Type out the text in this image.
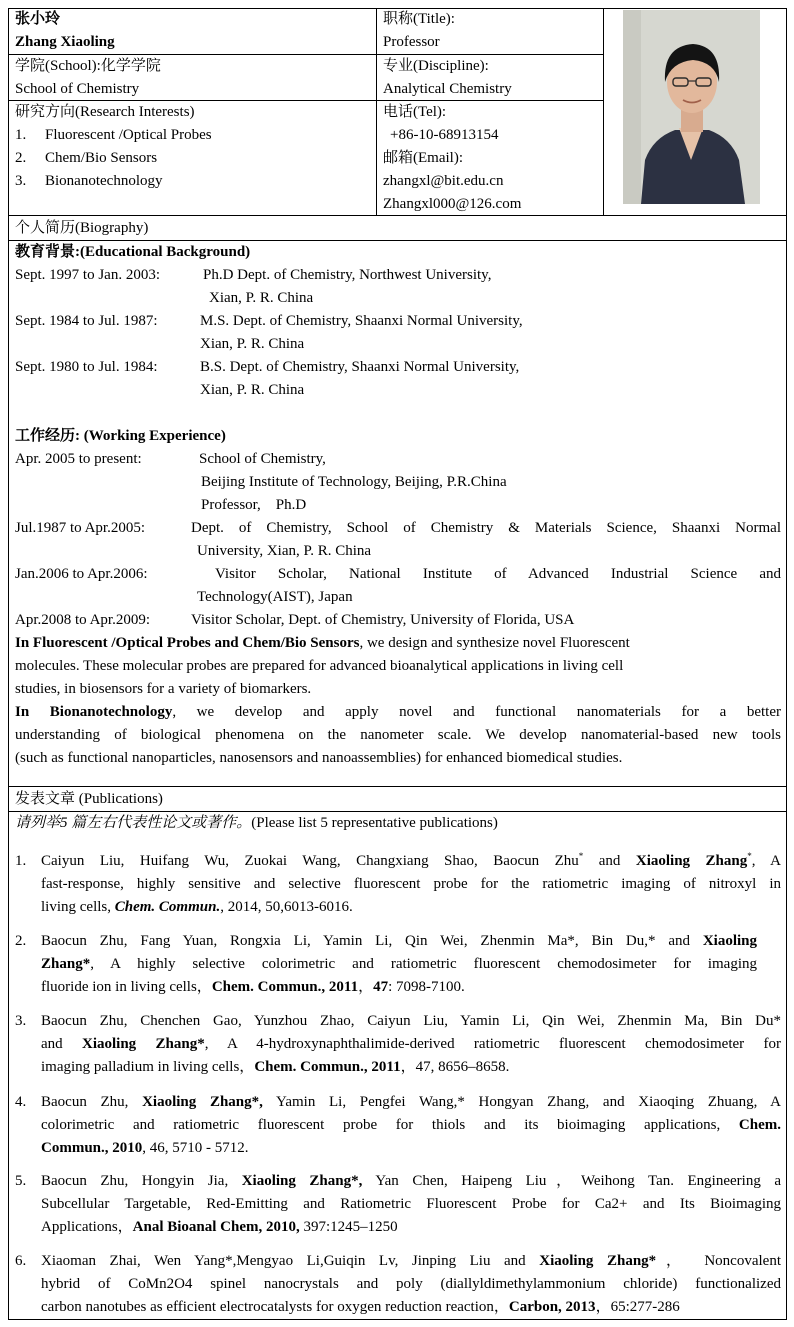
张小玲
Zhang Xiaoling
学院(School):化学学院
School of Chemistry
研究方向(Research Interests)
1. Fluorescent /Optical Probes
2. Chem/Bio Sensors
3. Bionanotechnology
职称(Title):
Professor
专业(Discipline):
Analytical Chemistry
电话(Tel):
+86-10-68913154
邮箱(Email):
zhangxl@bit.edu.cn
Zhangxl000@126.com
个人简历(Biography)
教育背景:(Educational Background)
Sept. 1997 to Jan. 2003:	Ph.D Dept. of Chemistry, Northwest University,
Xian, P. R. China
Sept. 1984 to Jul. 1987:	M.S. Dept. of Chemistry, Shaanxi Normal University,
Xian, P. R. China
Sept. 1980 to Jul. 1984:	B.S. Dept. of Chemistry, Shaanxi Normal University,
Xian, P. R. China
工作经历: (Working Experience)
Apr. 2005 to present:	School of Chemistry,
Beijing Institute of Technology, Beijing, P.R.China
Professor,    Ph.D
Jul.1987 to Apr.2005:	Dept. of Chemistry, School of Chemistry & Materials Science, Shaanxi Normal
University, Xian, P. R. China
Jan.2006 to Apr.2006:	Visitor Scholar, National Institute of Advanced Industrial Science and
Technology(AIST), Japan
Apr.2008 to Apr.2009:	Visitor Scholar, Dept. of Chemistry, University of Florida, USA
In Fluorescent /Optical Probes and Chem/Bio Sensors, we design and synthesize novel Fluorescent
molecules. These molecular probes are prepared for advanced bioanalytical applications in living cell
studies, in biosensors for a variety of biomarkers.
In Bionanotechnology, we develop and apply novel and functional nanomaterials for a better
understanding of biological phenomena on the nanometer scale. We develop nanomaterial-based new tools
(such as functional nanoparticles, nanosensors and nanoassemblies) for enhanced biomedical studies.
发表文章 (Publications)
请列举5 篇左右代表性论文或著作。(Please list 5 representative publications)
1. Caiyun Liu, Huifang Wu, Zuokai Wang, Changxiang Shao, Baocun Zhu* and Xiaoling Zhang*, A
fast-response, highly sensitive and selective fluorescent probe for the ratiometric imaging of nitroxyl in
living cells, Chem. Commun., 2014, 50,6013-6016.
2. Baocun Zhu, Fang Yuan, Rongxia Li, Yamin Li, Qin Wei, Zhenmin Ma*, Bin Du,* and Xiaoling
Zhang*, A highly selective colorimetric and ratiometric fluorescent chemodosimeter for imaging
fluoride ion in living cells，Chem. Commun., 2011，47: 7098-7100.
3. Baocun Zhu, Chenchen Gao, Yunzhou Zhao, Caiyun Liu, Yamin Li, Qin Wei, Zhenmin Ma, Bin Du*
and Xiaoling Zhang*, A 4-hydroxynaphthalimide-derived ratiometric fluorescent chemodosimeter for
imaging palladium in living cells，Chem. Commun., 2011，47, 8656–8658.
4. Baocun Zhu, Xiaoling Zhang*, Yamin Li, Pengfei Wang,* Hongyan Zhang, and Xiaoqing Zhuang, A
colorimetric and ratiometric fluorescent probe for thiols and its bioimaging applications, Chem.
Commun., 2010, 46, 5710 - 5712.
5. Baocun Zhu, Hongyin Jia, Xiaoling Zhang*, Yan Chen, Haipeng Liu，Weihong Tan. Engineering a
Subcellular Targetable, Red-Emitting and Ratiometric Fluorescent Probe for Ca2+ and Its Bioimaging
Applications，Anal Bioanal Chem, 2010, 397:1245–1250
6. Xiaoman Zhai, Wen Yang*,Mengyao Li,Guiqin Lv, Jinping Liu and Xiaoling Zhang*， Noncovalent
hybrid of CoMn2O4 spinel nanocrystals and poly (diallyldimethylammonium chloride) functionalized
carbon nanotubes as efficient electrocatalysts for oxygen reduction reaction，Carbon, 2013，65:277-286
